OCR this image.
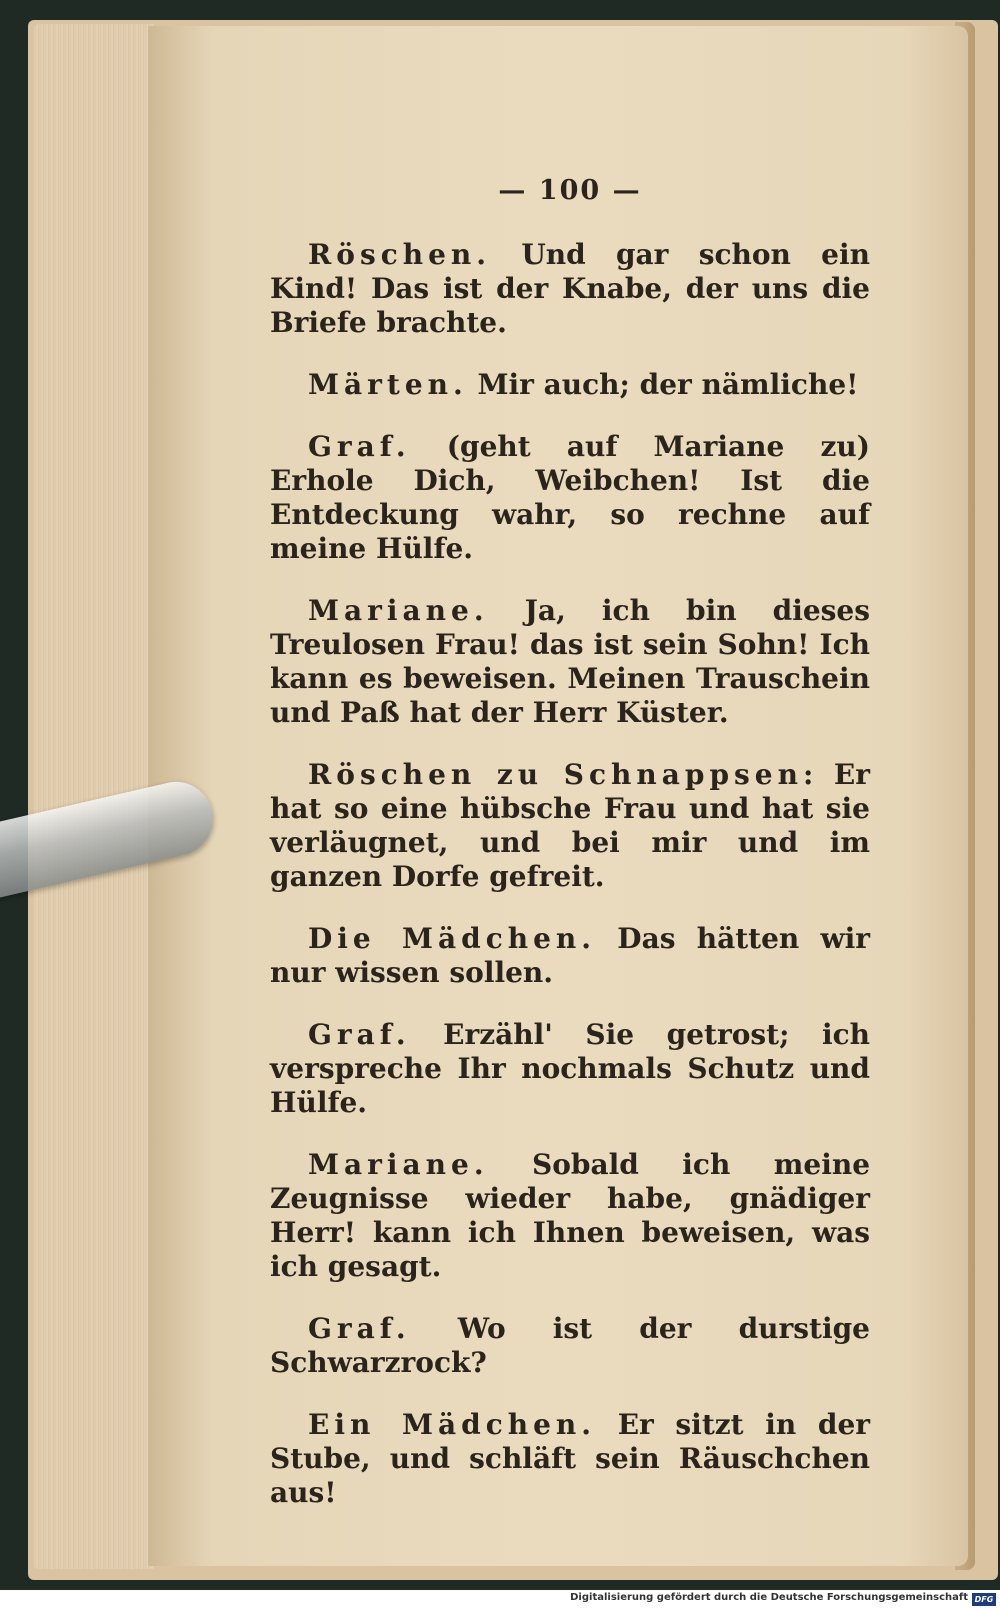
— 100 —

Röschen. Und gar schon ein Kind! Das ist der Knabe, der uns die Briefe brachte.

Märten. Mir auch; der nämliche!

Graf. (geht auf Mariane zu) Erhole Dich, Weibchen! Ist die Entdeckung wahr, so rechne auf meine Hülfe.

Mariane. Ja, ich bin dieses Treulosen Frau! das ist sein Sohn! Ich kann es beweisen. Meinen Trauschein und Paß hat der Herr Küster.

Röschen zu Schnappsen: Er hat so eine hübsche Frau und hat sie verläugnet, und bei mir und im ganzen Dorfe gefreit.

Die Mädchen. Das hätten wir nur wissen sollen.

Graf. Erzähl' Sie getrost; ich verspreche Ihr nochmals Schutz und Hülfe.

Mariane. Sobald ich meine Zeugnisse wieder habe, gnädiger Herr! kann ich Ihnen beweisen, was ich gesagt.

Graf. Wo ist der durstige Schwarzrock?

Ein Mädchen. Er sitzt in der Stube, und schläft sein Räuschchen aus!

Digitalisierung gefördert durch die Deutsche Forschungsgemeinschaft DFG
